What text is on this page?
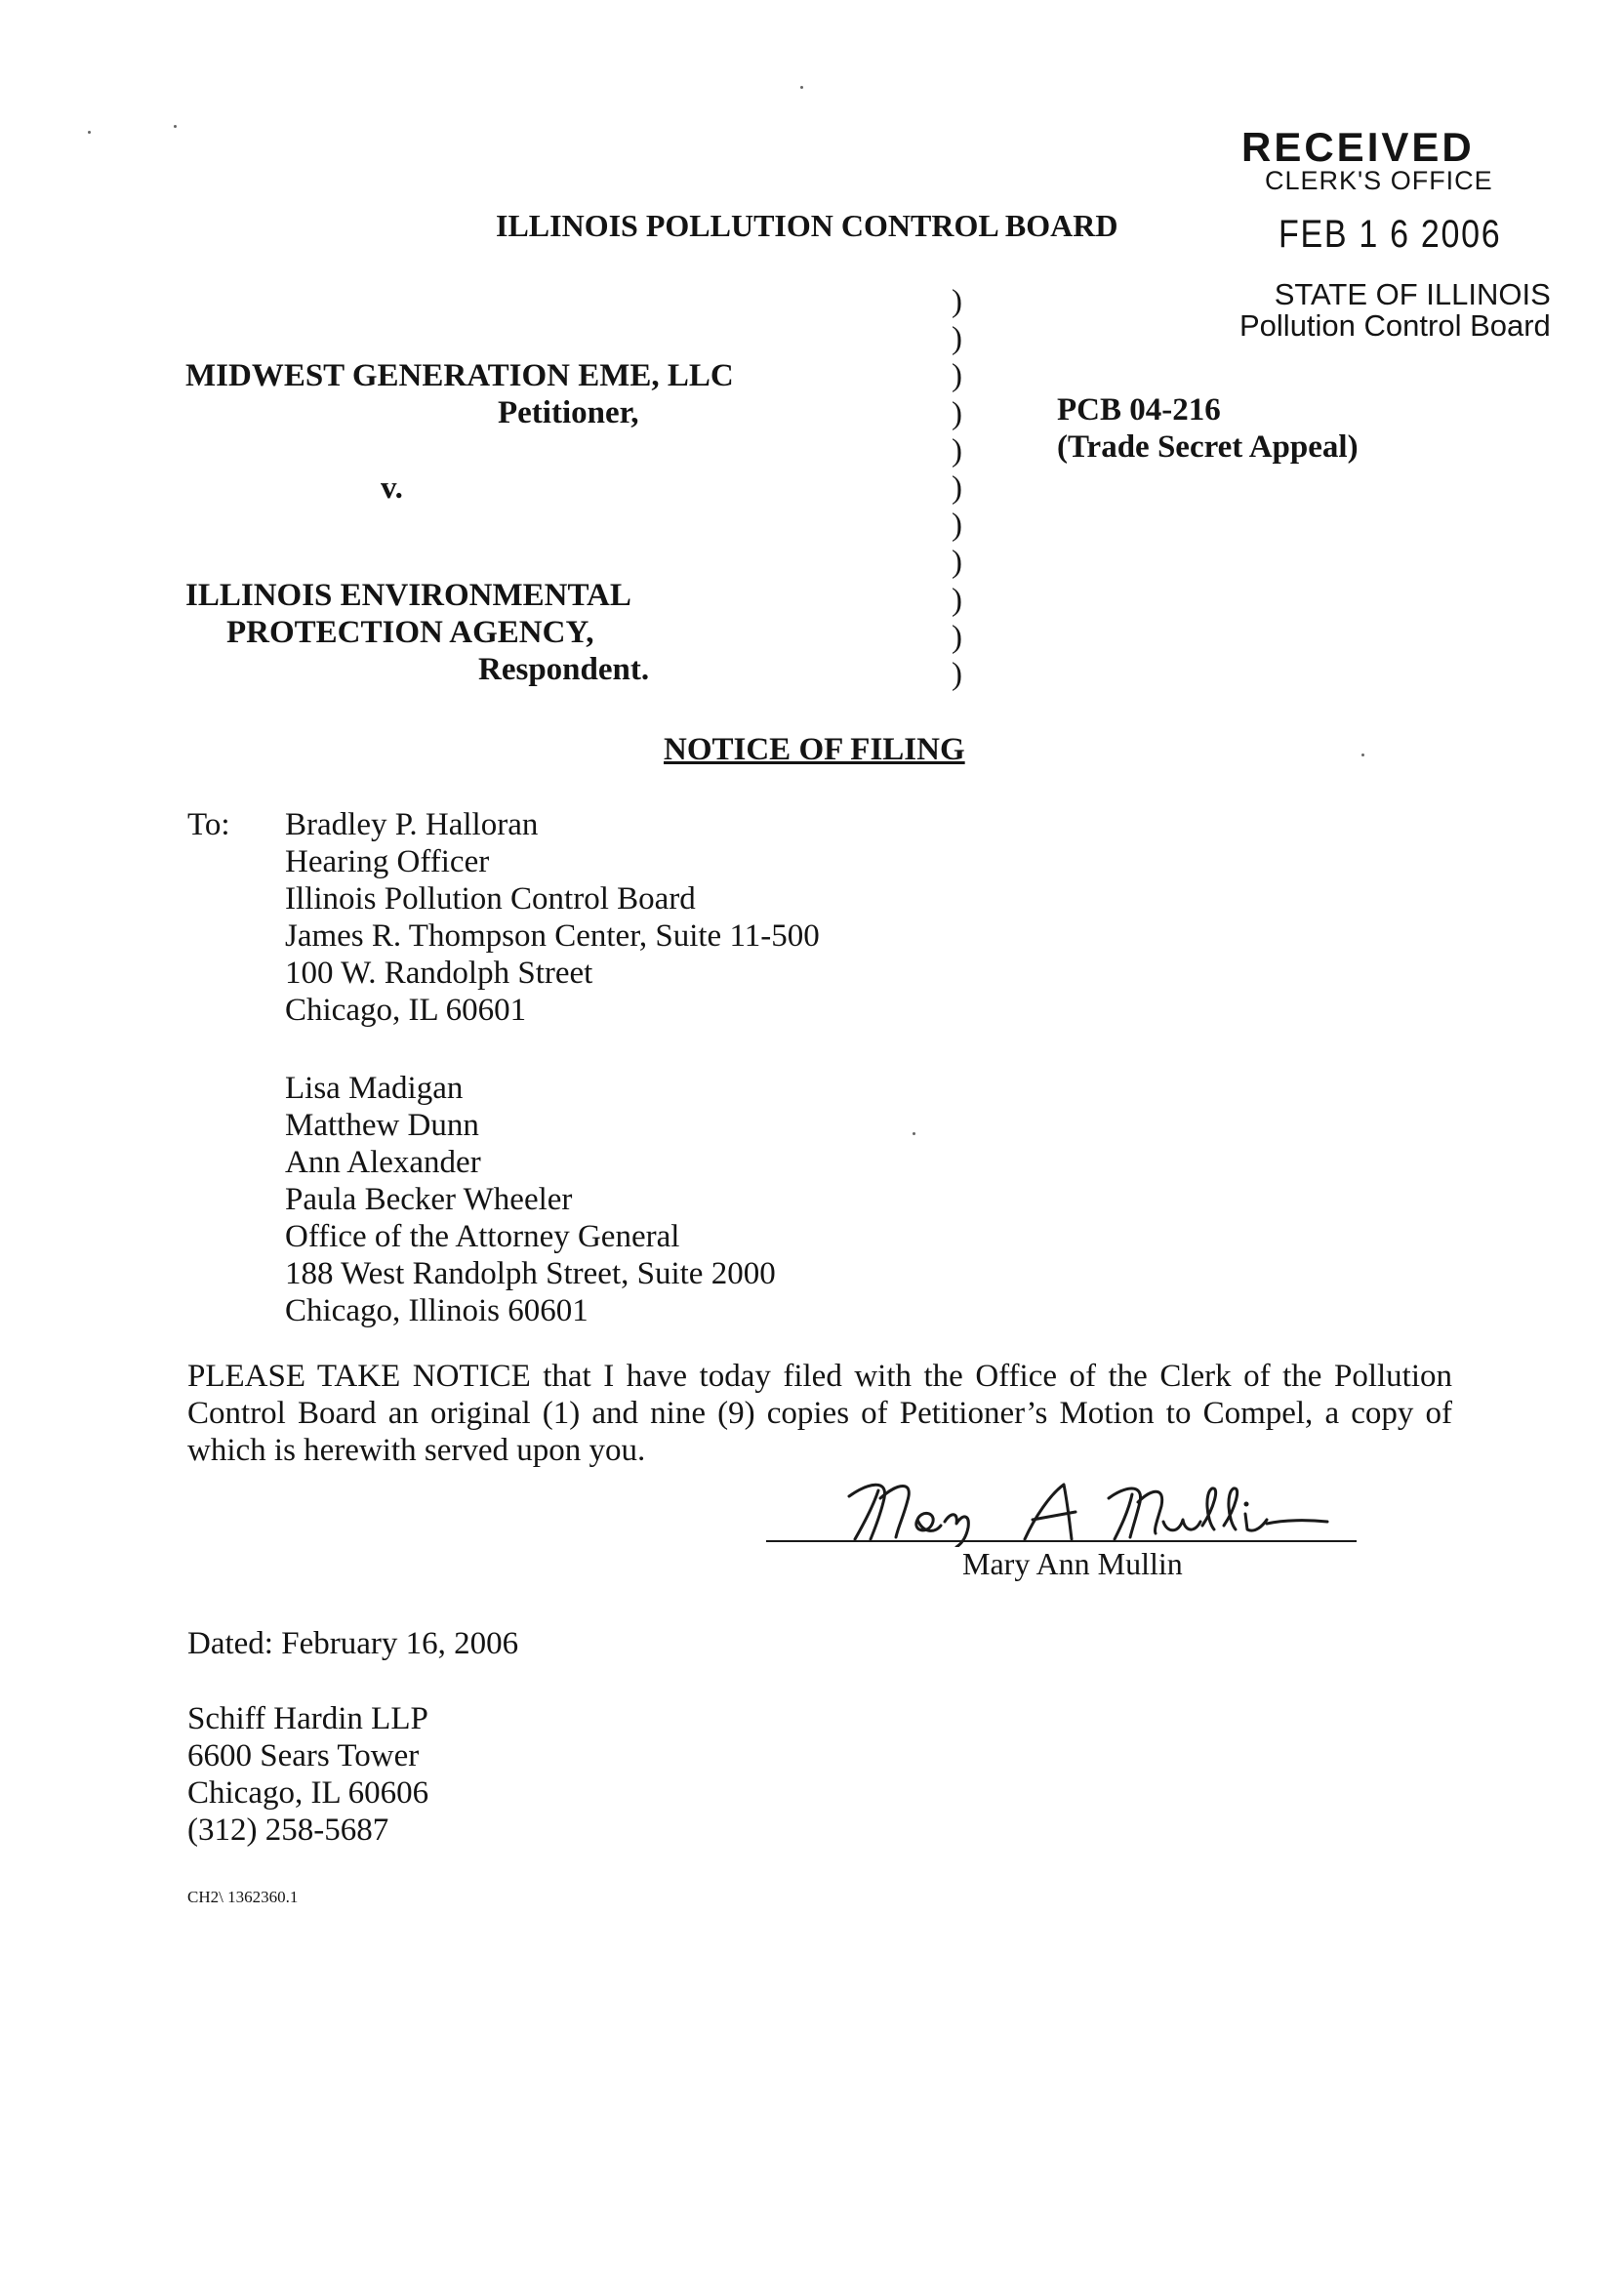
RECEIVED
CLERK'S OFFICE
FEB 1 6 2006
STATE OF ILLINOIS
Pollution Control Board
ILLINOIS POLLUTION CONTROL BOARD
MIDWEST GENERATION EME, LLC
Petitioner,
v.
ILLINOIS ENVIRONMENTAL
PROTECTION AGENCY,
Respondent.
)
)
)
)
)
)
)
)
)
)
)
PCB 04-216
(Trade Secret Appeal)
NOTICE OF FILING
To: Bradley P. Halloran
Hearing Officer
Illinois Pollution Control Board
James R. Thompson Center, Suite 11-500
100 W. Randolph Street
Chicago, IL 60601
Lisa Madigan
Matthew Dunn
Ann Alexander
Paula Becker Wheeler
Office of the Attorney General
188 West Randolph Street, Suite 2000
Chicago, Illinois 60601
PLEASE TAKE NOTICE that I have today filed with the Office of the Clerk of the Pollution Control Board an original (1) and nine (9) copies of Petitioner’s Motion to Compel, a copy of which is herewith served upon you.
Mary Ann Mullin
Dated: February 16, 2006
Schiff Hardin LLP
6600 Sears Tower
Chicago, IL 60606
(312) 258-5687
CH2\ 1362360.1
